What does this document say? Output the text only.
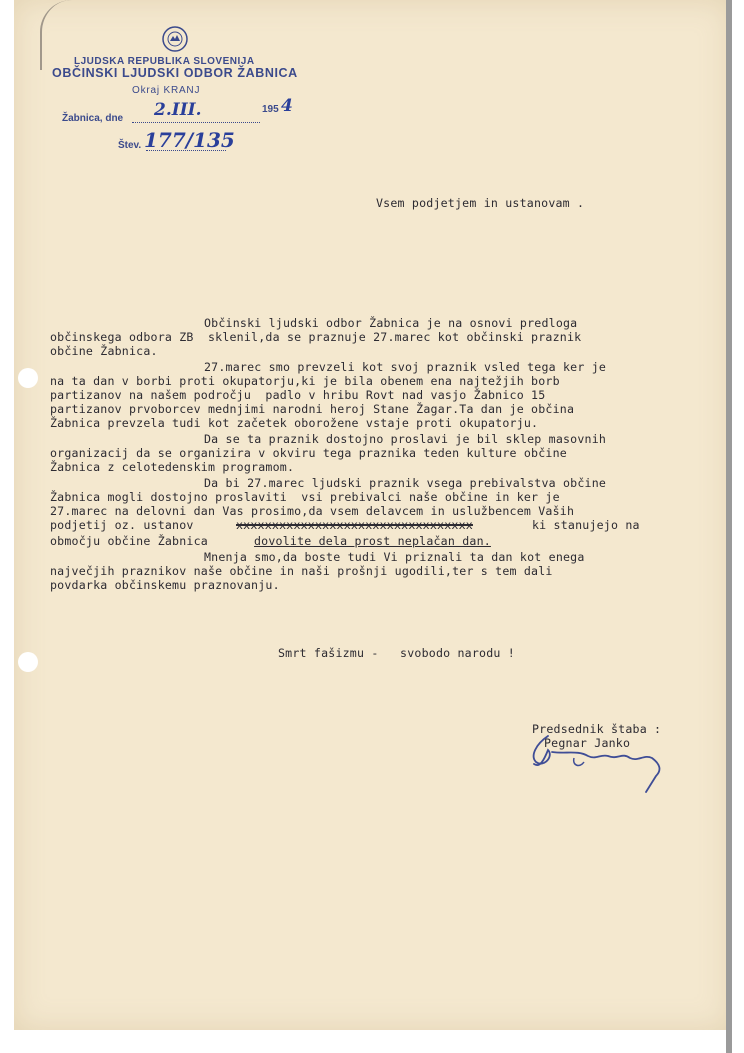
LJUDSKA REPUBLIKA SLOVENIJA
OBČINSKI LJUDSKI ODBOR ŽABNICA
Okraj KRANJ
Žabnica, dne 2.III.	195 4
Štev. 177/135
Vsem podjetjem in ustanovam .
Občinski ljudski odbor Žabnica je na osnovi predloga
občinskega odbora ZB  sklenil,da se praznuje 27.marec kot občinski praznik
občine Žabnica.
27.marec smo prevzeli kot svoj praznik vsled tega ker je
na ta dan v borbi proti okupatorju,ki je bila obenem ena najtežjih borb
partizanov na našem področju  padlo v hribu Rovt nad vasjo Žabnico 15
partizanov prvoborcev mednjimi narodni heroj Stane Žagar.Ta dan je občina
Žabnica prevzela tudi kot začetek oborožene vstaje proti okupatorju.
Da se ta praznik dostojno proslavi je bil sklep masovnih
organizacij da se organizira v okviru tega praznika teden kulture občine
Žabnica z celotedenskim programom.
Da bi 27.marec ljudski praznik vsega prebivalstva občine
Žabnica mogli dostojno proslaviti  vsi prebivalci naše občine in ker je
27.marec na delovni dan Vas prosimo,da vsem delavcem in uslužbencem Vaših
podjetij oz. ustanov	xxxxxxxxxxxxxxxxxxxxxxxxxxxxxxxxx	ki stanujejo na
območju občine Žabnica	dovolite dela prost neplačan dan.
Mnenja smo,da boste tudi Vi priznali ta dan kot enega
največjih praznikov naše občine in naši prošnji ugodili,ter s tem dali
povdarka občinskemu praznovanju.
Smrt fašizmu -   svobodo narodu !
Predsednik štaba :
Pegnar Janko
